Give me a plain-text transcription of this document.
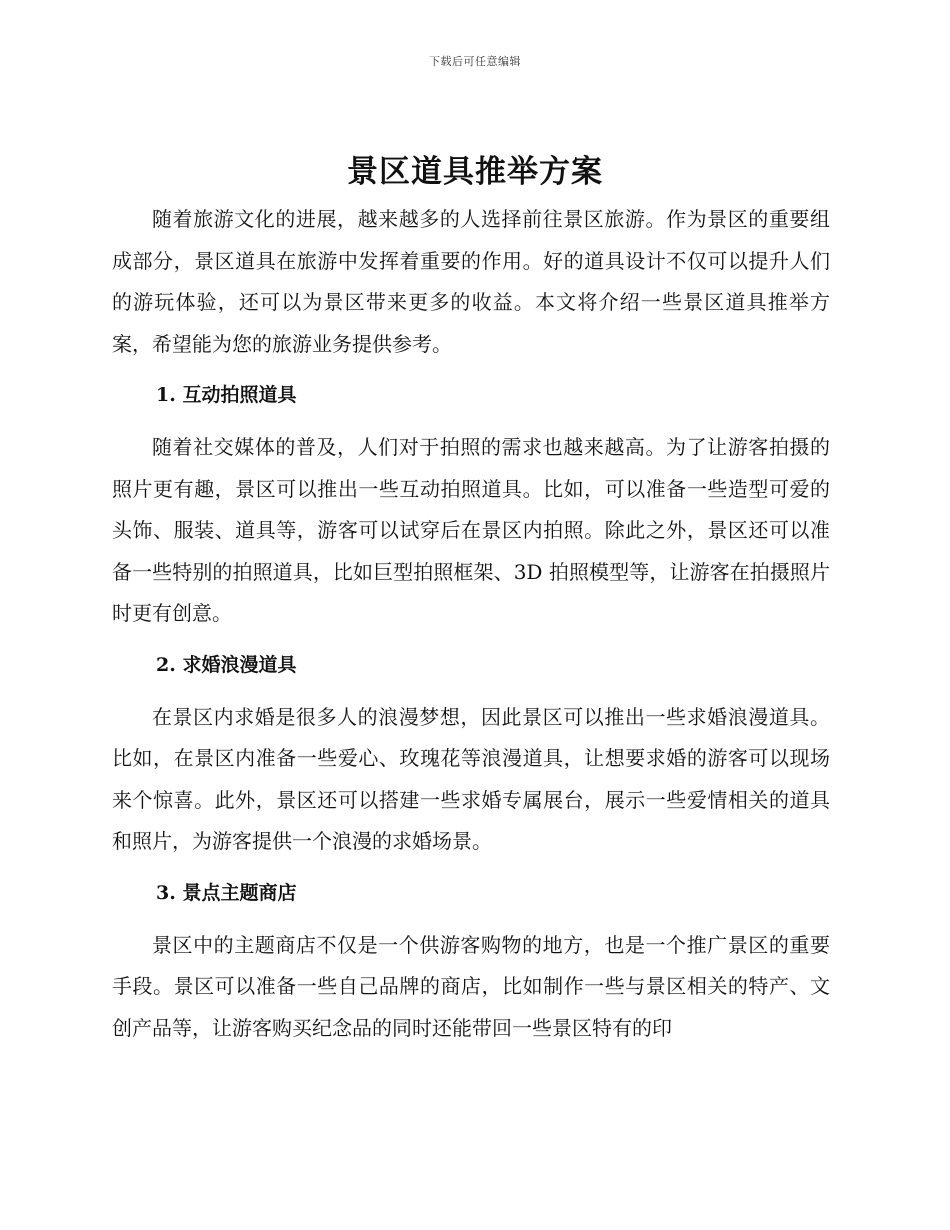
下载后可任意编辑
景区道具推举方案

随着旅游文化的进展，越来越多的人选择前往景区旅游。作为景区的重要组成部分，景区道具在旅游中发挥着重要的作用。好的道具设计不仅可以提升人们的游玩体验，还可以为景区带来更多的收益。本文将介绍一些景区道具推举方案，希望能为您的旅游业务提供参考。

1. 互动拍照道具

随着社交媒体的普及，人们对于拍照的需求也越来越高。为了让游客拍摄的照片更有趣，景区可以推出一些互动拍照道具。比如，可以准备一些造型可爱的头饰、服装、道具等，游客可以试穿后在景区内拍照。除此之外，景区还可以准备一些特别的拍照道具，比如巨型拍照框架、3D 拍照模型等，让游客在拍摄照片时更有创意。

2. 求婚浪漫道具

在景区内求婚是很多人的浪漫梦想，因此景区可以推出一些求婚浪漫道具。比如，在景区内准备一些爱心、玫瑰花等浪漫道具，让想要求婚的游客可以现场来个惊喜。此外，景区还可以搭建一些求婚专属展台，展示一些爱情相关的道具和照片，为游客提供一个浪漫的求婚场景。

3. 景点主题商店

景区中的主题商店不仅是一个供游客购物的地方，也是一个推广景区的重要手段。景区可以准备一些自己品牌的商店，比如制作一些与景区相关的特产、文创产品等，让游客购买纪念品的同时还能带回一些景区特有的印
